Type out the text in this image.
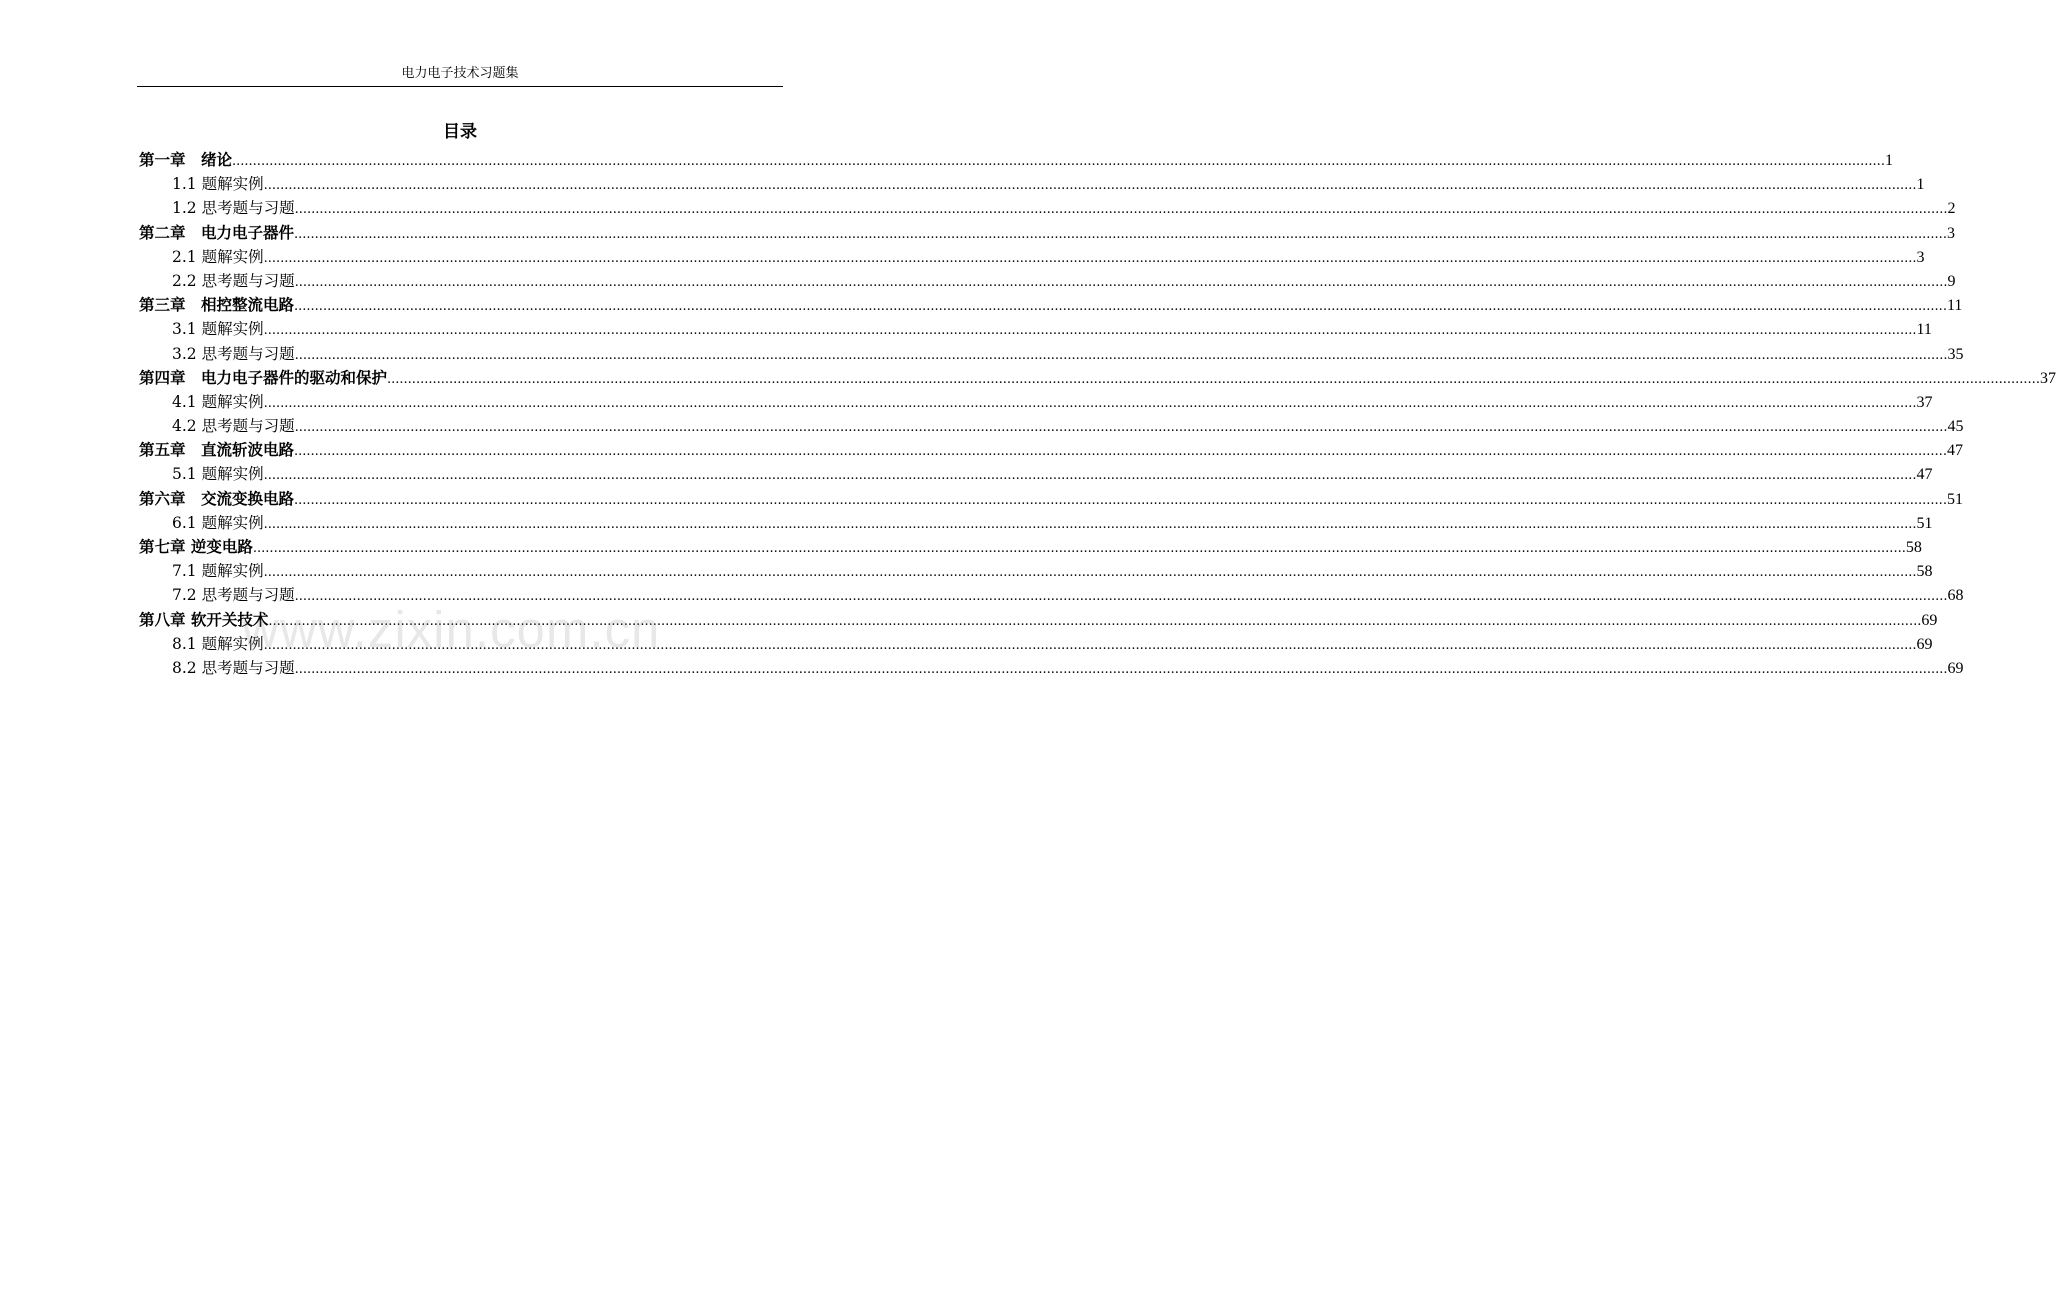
电力电子技术习题集
目录
第一章　绪论 ................................................................................................................................................................................................................................................................................................................................................................................................................ 1
1.1 题解实例 ................................................................................................................................................................................................................................................................................................................................................................................................................ 1
1.2 思考题与习题 ................................................................................................................................................................................................................................................................................................................................................................................................................ 2
第二章　电力电子器件 ................................................................................................................................................................................................................................................................................................................................................................................................................ 3
2.1 题解实例 ................................................................................................................................................................................................................................................................................................................................................................................................................ 3
2.2 思考题与习题 ................................................................................................................................................................................................................................................................................................................................................................................................................ 9
第三章　相控整流电路 ................................................................................................................................................................................................................................................................................................................................................................................................................ 11
3.1 题解实例 ................................................................................................................................................................................................................................................................................................................................................................................................................ 11
3.2 思考题与习题 ................................................................................................................................................................................................................................................................................................................................................................................................................ 35
第四章　电力电子器件的驱动和保护 ................................................................................................................................................................................................................................................................................................................................................................................................................ 37
4.1 题解实例 ................................................................................................................................................................................................................................................................................................................................................................................................................ 37
4.2 思考题与习题 ................................................................................................................................................................................................................................................................................................................................................................................................................ 45
第五章　直流斩波电路 ................................................................................................................................................................................................................................................................................................................................................................................................................ 47
5.1 题解实例 ................................................................................................................................................................................................................................................................................................................................................................................................................ 47
第六章　交流变换电路 ................................................................................................................................................................................................................................................................................................................................................................................................................ 51
6.1 题解实例 ................................................................................................................................................................................................................................................................................................................................................................................................................ 51
第七章 逆变电路 ................................................................................................................................................................................................................................................................................................................................................................................................................ 58
7.1 题解实例 ................................................................................................................................................................................................................................................................................................................................................................................................................ 58
7.2 思考题与习题 ................................................................................................................................................................................................................................................................................................................................................................................................................ 68
第八章 软开关技术 ................................................................................................................................................................................................................................................................................................................................................................................................................ 69
8.1 题解实例 ................................................................................................................................................................................................................................................................................................................................................................................................................ 69
8.2 思考题与习题 ................................................................................................................................................................................................................................................................................................................................................................................................................ 69
www.zixin.com.cn
